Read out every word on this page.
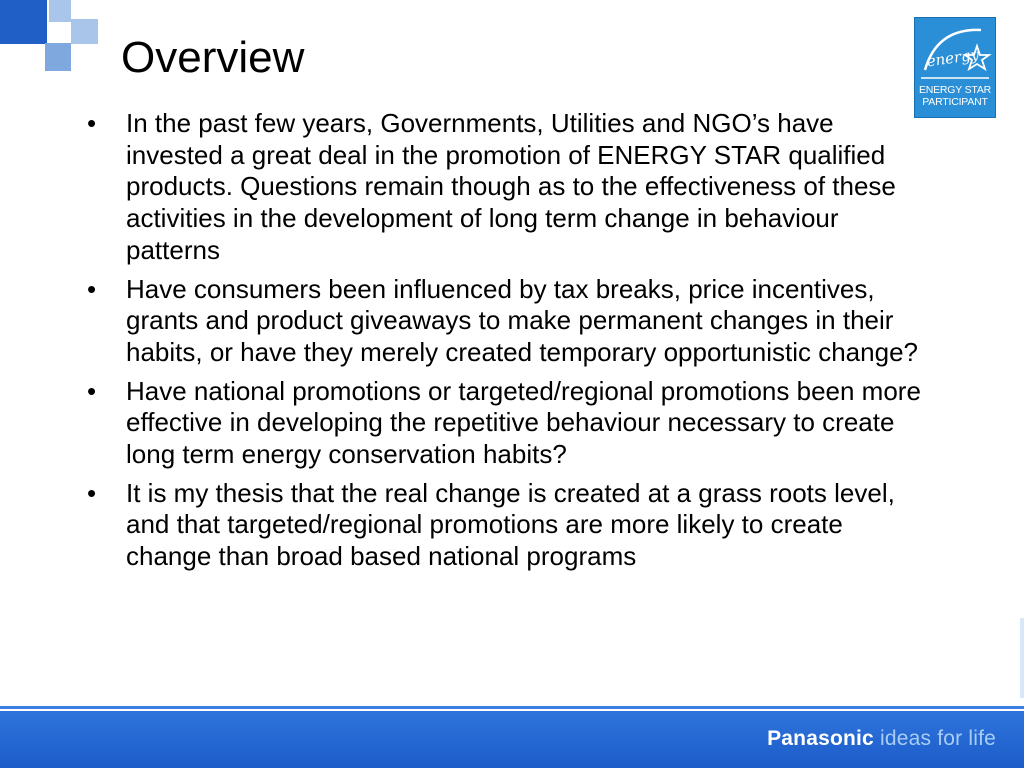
Overview	energy
ENERGY STAR
PARTICIPANT
• In the past few years, Governments, Utilities and NGO’s have invested a great deal in the promotion of ENERGY STAR qualified products. Questions remain though as to the effectiveness of these activities in the development of long term change in behaviour patterns
• Have consumers been influenced by tax breaks, price incentives, grants and product giveaways to make permanent changes in their habits, or have they merely created temporary opportunistic change?
• Have national promotions or targeted/regional promotions been more effective in developing the repetitive behaviour necessary to create long term energy conservation habits?
• It is my thesis that the real change is created at a grass roots level, and that targeted/regional promotions are more likely to create change than broad based national programs
Panasonic ideas for life
